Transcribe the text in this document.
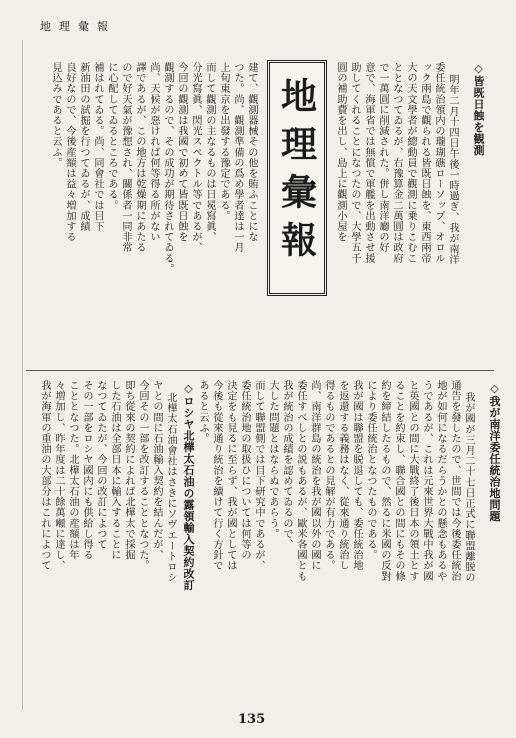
地理彙報
地理彙報	◇皆既日蝕を観測
明年二月十四日午後一時過ぎ、我が南洋
委任統治領内の瓏瑚礁ローソップ、オロル
ック兩島で觀られる皆既日蝕を、東西兩帝
大の天文學者が總動員で觀測に乗りこむこ
ととなつてゐるが、右豫算金二萬圓は政府
で一萬圓に削減された。併し南洋廳の好
意で、海軍省では無償で軍艦を出動させ援
助してくれることになつたので、大學五千
圓の補助費を出し、島上に觀測小屋を
建て、觀測器械その他を賄ふことにな
つた。尚、觀測準備の爲め學者達は一月
上旬東京を出發する豫定である。
而して觀測の主なるものは日冕寫眞、
分光寫眞、閃光スペクトル等であるが、
今回の觀測は我國で初めて皆既日蝕を
觀測するので、その成功が期待されてゐる。
尚、天候が惡ければ何等得る所がない
譯であるが、この地方は乾燥期にあたる
ので好天氣が豫想され、關係者一同非常
に心配してゐるところである。
◇我が南洋委任統治地問題
我が國が三月二十七日正式に聯盟離脱の
通告を發したので、世間では今後委任統治
地が如何になるだらうかとの懸念もあるや
うであるが、これは元來世界大戰中我が國
と英國との間に大戰終了後日本の領土とす
ることを約束し、聯合國との間にもその條
約を締結したるもので、然るに米國の反對
により委任統治となつたものである。
我が國は聯盟を脱退しても、委任統治地
を返還する義務はなく、從來通り統治し
得るものであるとの見解が有力である。
尚、南洋群島の統治を我が國以外の國に
委任すべしとの説もあるが、歐米各國とも
我が統治の成績を認めてゐるので、
大した問題とはならぬであらう。
而して聯盟側では目下研究中であるが、
委任統治地の取扱ひについては何等の
決定をも見るに至らず、我が國としては
今後も從來通り統治を續けて行く方針で
あると云ふ。
◇ロシヤ北樺太石油の露領輸入契約改訂
北樺太石油會社はさきにソヴエートロシ
ヤとの間に石油輸入契約を結んだが、
今回その一部を改訂することとなつた。
即ち從來の契約によれば北樺太で採掘
した石油は全部日本に輸入することに
なつてゐたが、今回の改訂によつて
その一部をロシヤ國内にも供給し得る
こととなつた。北樺太石油の産額は年
々増加し、昨年度は二十餘萬噸に達し、
我が海軍の重油の大部分はこれによつて
補はれてゐる。尚、同會社では目下
新油田の試掘を行つてゐるが、成績
良好なので、今後産額は益々増加する
見込みであると云ふ。
135
